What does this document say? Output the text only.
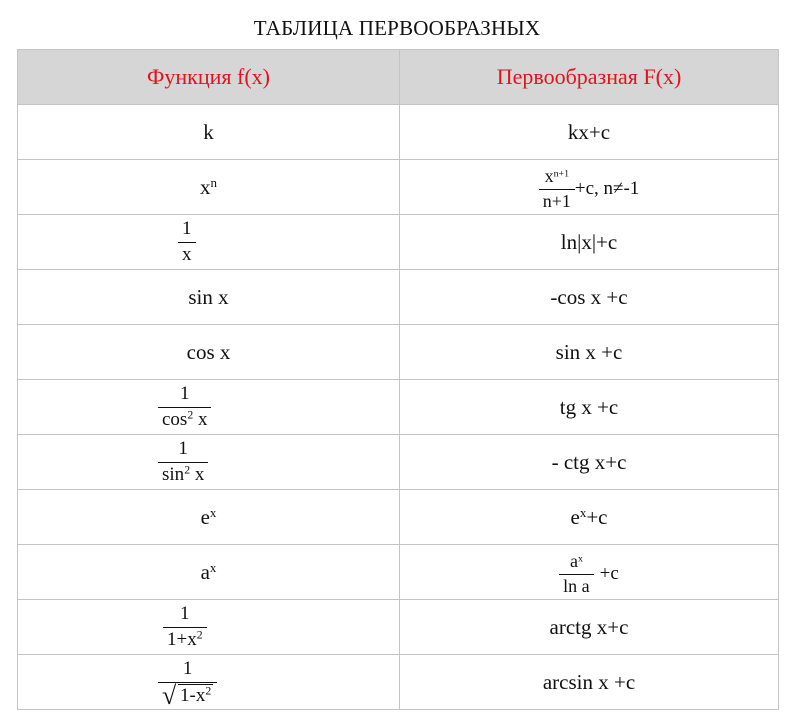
ТАБЛИЦА ПЕРВООБРАЗНЫХ
Функция f(x)	Первообразная F(x)
k	kx+c
$x^n$	$\frac{x^{n+1}}{n+1} +c$, n≠-1

$\frac{1}{x}$	ln|x|+c
sin x	-cos x +c
cos x	sin x +c

$\frac{1}{\cos^2 x}$	tg x +c

$\frac{1}{\sin^2 x}$	- ctg x+c
$e^x$	$e^x+c$
$a^x$	$\frac{a^x}{\text{ln a}} +c$

$\frac{1}{1+x^2}$	arctg x+c

$\frac{1}{√ 1-x^2}$	arcsin x +c
